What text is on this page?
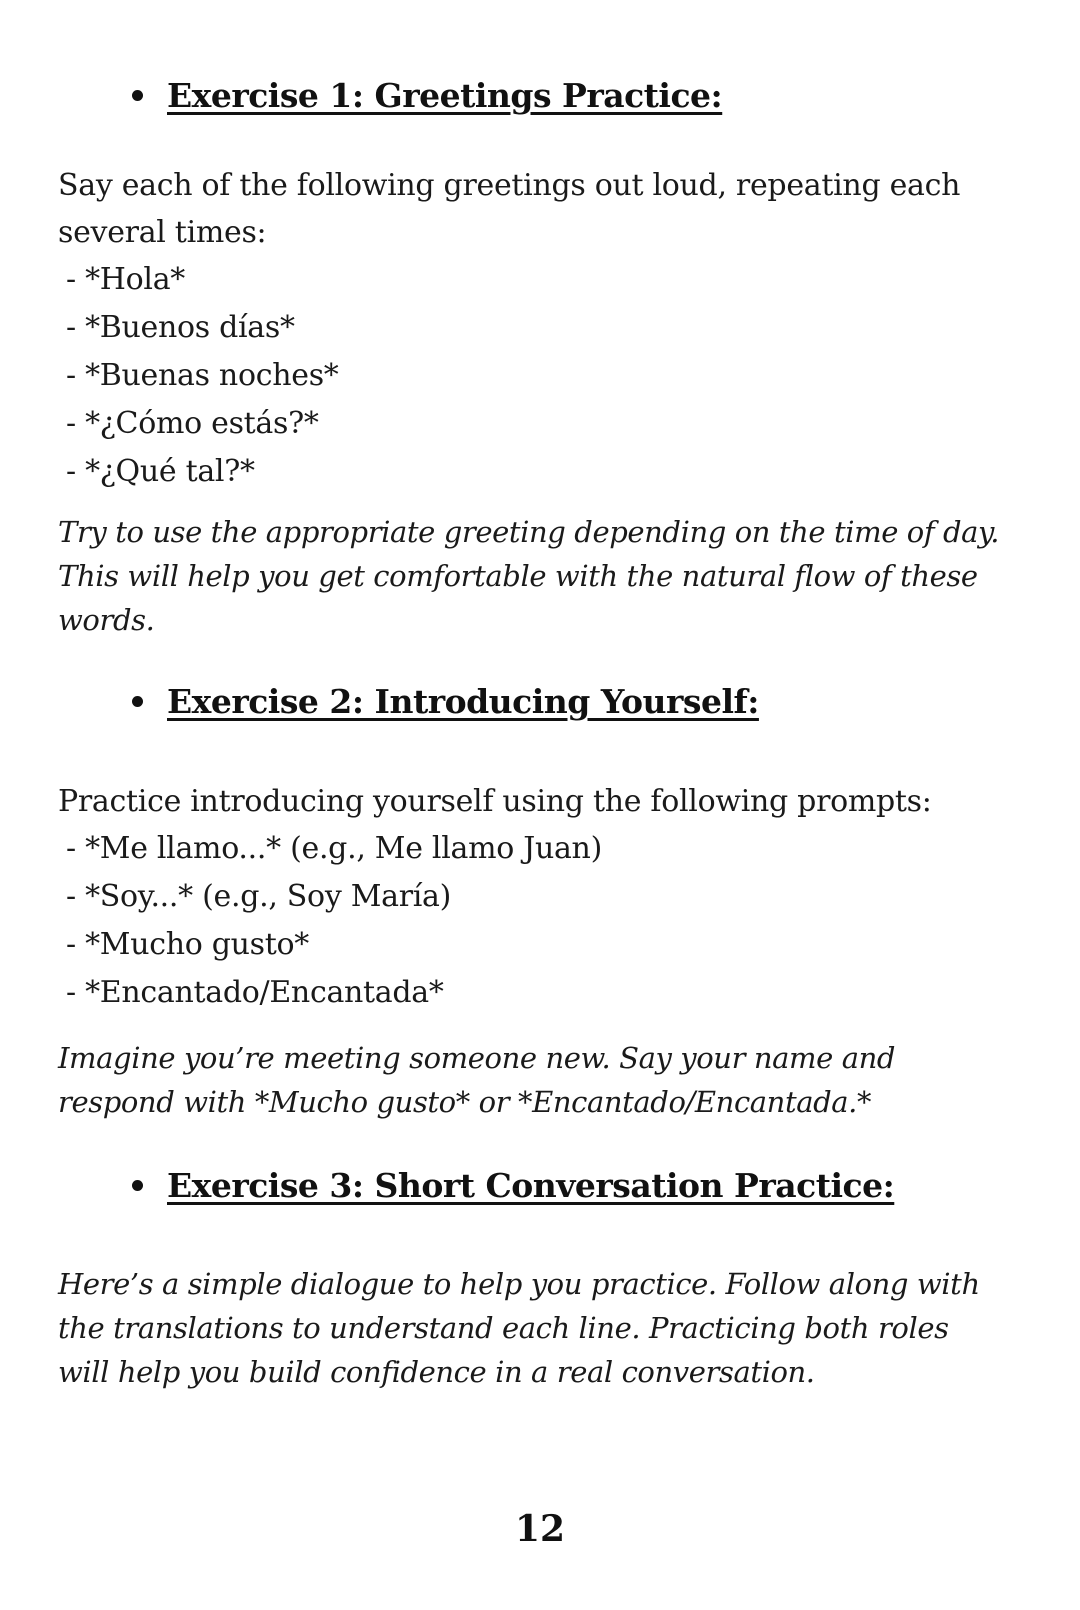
Exercise 1: Greetings Practice:
Say each of the following greetings out loud, repeating each
several times:
- *Hola*
- *Buenos días*
- *Buenas noches*
- *¿Cómo estás?*
- *¿Qué tal?*
Try to use the appropriate greeting depending on the time of day.
This will help you get comfortable with the natural flow of these
words.
Exercise 2: Introducing Yourself:
Practice introducing yourself using the following prompts:
- *Me llamo...* (e.g., Me llamo Juan)
- *Soy...* (e.g., Soy María)
- *Mucho gusto*
- *Encantado/Encantada*
Imagine you’re meeting someone new. Say your name and
respond with *Mucho gusto* or *Encantado/Encantada.*
Exercise 3: Short Conversation Practice:
Here’s a simple dialogue to help you practice. Follow along with
the translations to understand each line. Practicing both roles
will help you build confidence in a real conversation.
12
